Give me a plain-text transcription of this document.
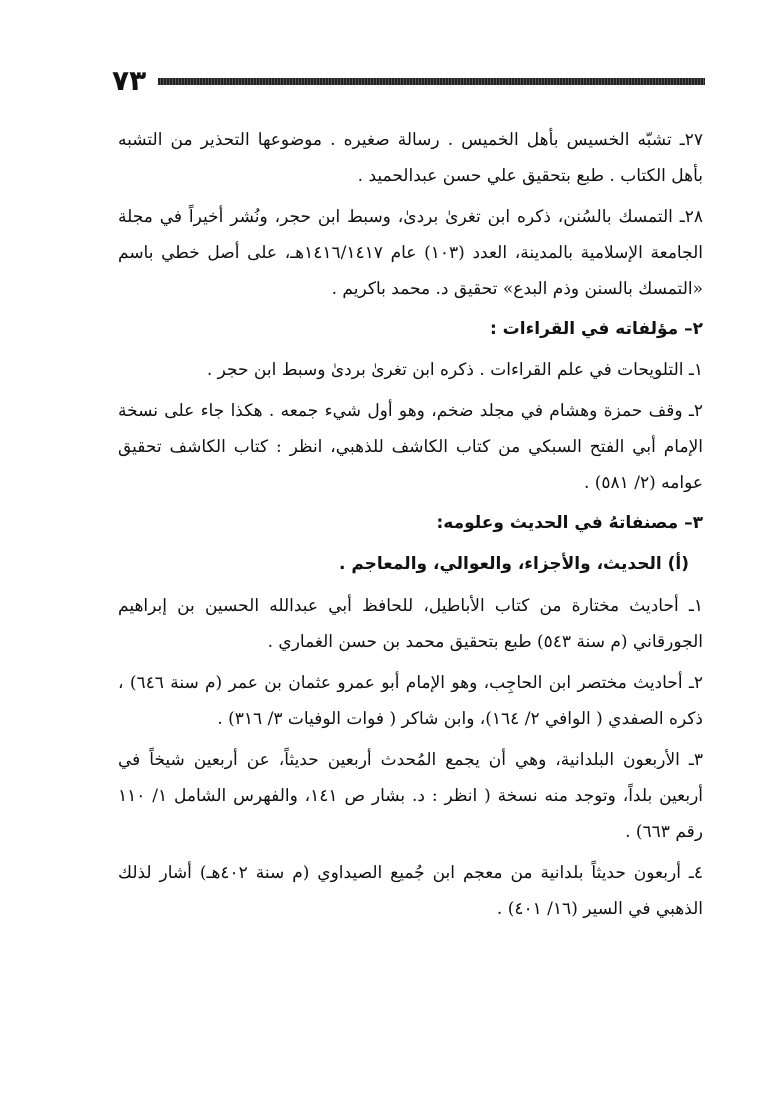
٧٣

٢٧ـ تشبّه الخسيس بأهل الخميس . رسالة صغيره . موضوعها التحذير من التشبه بأهل الكتاب . طبع بتحقيق علي حسن عبدالحميد .

٢٨ـ التمسك بالسُنن، ذكره ابن تغرىٰ بردىٰ، وسبط ابن حجر، ونُشر أخيراً في مجلة الجامعة الإسلامية بالمدينة، العدد (١٠٣) عام ١٤١٦/١٤١٧هـ، على أصل خطي باسم «التمسك بالسنن وذم البدع» تحقيق د. محمد باكريم .

٢– مؤلفاته في القراءات :

١ـ التلويحات في علم القراءات . ذكره ابن تغرىٰ بردىٰ وسبط ابن حجر .

٢ـ وقف حمزة وهشام في مجلد ضخم، وهو أول شيء جمعه . هكذا جاء على نسخة الإمام أبي الفتح السبكي من كتاب الكاشف للذهبي، انظر : كتاب الكاشف تحقيق عوامه (٢/ ٥٨١) .

٣– مصنفاتهُ في الحديث وعلومه:

(أ) الحديث، والأجزاء، والعوالي، والمعاجم .

١ـ أحاديث مختارة من كتاب الأباطيل، للحافظ أبي عبدالله الحسين بن إبراهيم الجورقاني (م سنة ٥٤٣) طبع بتحقيق محمد بن حسن الغماري .

٢ـ أحاديث مختصر ابن الحاجِب، وهو الإمام أبو عمرو عثمان بن عمر (م سنة ٦٤٦) ، ذكره الصفدي ( الوافي ٢/ ١٦٤)، وابن شاكر ( فوات الوفيات ٣/ ٣١٦) .

٣ـ الأربعون البلدانية، وهي أن يجمع المُحدث أربعين حديثاً، عن أربعين شيخاً في أربعين بلداً، وتوجد منه نسخة ( انظر : د. بشار ص ١٤١، والفهرس الشامل ١/ ١١٠ رقم ٦٦٣) .

٤ـ أربعون حديثاً بلدانية من معجم ابن جُميع الصيداوي (م سنة ٤٠٢هـ) أشار لذلك الذهبي في السير (١٦/ ٤٠١) .
